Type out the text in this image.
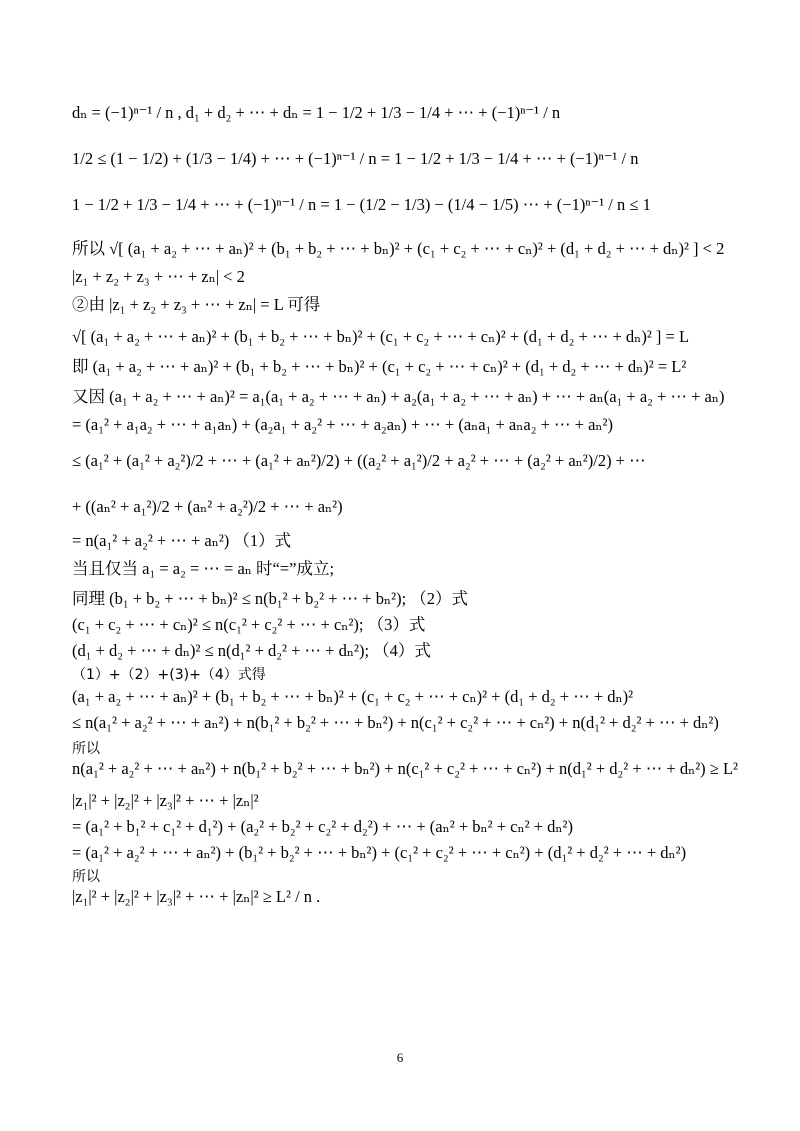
dₙ = (−1)ⁿ⁻¹ / n , d₁ + d₂ + ⋯ + dₙ = 1 − 1/2 + 1/3 − 1/4 + ⋯ + (−1)ⁿ⁻¹ / n
1/2 ≤ (1 − 1/2) + (1/3 − 1/4) + ⋯ + (−1)ⁿ⁻¹ / n = 1 − 1/2 + 1/3 − 1/4 + ⋯ + (−1)ⁿ⁻¹ / n
1 − 1/2 + 1/3 − 1/4 + ⋯ + (−1)ⁿ⁻¹ / n = 1 − (1/2 − 1/3) − (1/4 − 1/5) ⋯ + (−1)ⁿ⁻¹ / n ≤ 1
所以 √[ (a₁ + a₂ + ⋯ + aₙ)² + (b₁ + b₂ + ⋯ + bₙ)² + (c₁ + c₂ + ⋯ + cₙ)² + (d₁ + d₂ + ⋯ + dₙ)² ] < 2
|z₁ + z₂ + z₃ + ⋯ + zₙ| < 2
②由 |z₁ + z₂ + z₃ + ⋯ + zₙ| = L 可得
√[ (a₁ + a₂ + ⋯ + aₙ)² + (b₁ + b₂ + ⋯ + bₙ)² + (c₁ + c₂ + ⋯ + cₙ)² + (d₁ + d₂ + ⋯ + dₙ)² ] = L
即 (a₁ + a₂ + ⋯ + aₙ)² + (b₁ + b₂ + ⋯ + bₙ)² + (c₁ + c₂ + ⋯ + cₙ)² + (d₁ + d₂ + ⋯ + dₙ)² = L²
又因 (a₁ + a₂ + ⋯ + aₙ)² = a₁(a₁ + a₂ + ⋯ + aₙ) + a₂(a₁ + a₂ + ⋯ + aₙ) + ⋯ + aₙ(a₁ + a₂ + ⋯ + aₙ)
= (a₁² + a₁a₂ + ⋯ + a₁aₙ) + (a₂a₁ + a₂² + ⋯ + a₂aₙ) + ⋯ + (aₙa₁ + aₙa₂ + ⋯ + aₙ²)
≤ (a₁² + (a₁² + a₂²)/2 + ⋯ + (a₁² + aₙ²)/2) + ((a₂² + a₁²)/2 + a₂² + ⋯ + (a₂² + aₙ²)/2) + ⋯
+ ((aₙ² + a₁²)/2 + (aₙ² + a₂²)/2 + ⋯ + aₙ²)
= n(a₁² + a₂² + ⋯ + aₙ²) （1）式
当且仅当 a₁ = a₂ = ⋯ = aₙ 时“=”成立;
同理 (b₁ + b₂ + ⋯ + bₙ)² ≤ n(b₁² + b₂² + ⋯ + bₙ²); （2）式
(c₁ + c₂ + ⋯ + cₙ)² ≤ n(c₁² + c₂² + ⋯ + cₙ²); （3）式
(d₁ + d₂ + ⋯ + dₙ)² ≤ n(d₁² + d₂² + ⋯ + dₙ²); （4）式
（1）+（2）+(3)+（4）式得
(a₁ + a₂ + ⋯ + aₙ)² + (b₁ + b₂ + ⋯ + bₙ)² + (c₁ + c₂ + ⋯ + cₙ)² + (d₁ + d₂ + ⋯ + dₙ)²
≤ n(a₁² + a₂² + ⋯ + aₙ²) + n(b₁² + b₂² + ⋯ + bₙ²) + n(c₁² + c₂² + ⋯ + cₙ²) + n(d₁² + d₂² + ⋯ + dₙ²)
所以
n(a₁² + a₂² + ⋯ + aₙ²) + n(b₁² + b₂² + ⋯ + bₙ²) + n(c₁² + c₂² + ⋯ + cₙ²) + n(d₁² + d₂² + ⋯ + dₙ²) ≥ L²
|z₁|² + |z₂|² + |z₃|² + ⋯ + |zₙ|²
= (a₁² + b₁² + c₁² + d₁²) + (a₂² + b₂² + c₂² + d₂²) + ⋯ + (aₙ² + bₙ² + cₙ² + dₙ²)
= (a₁² + a₂² + ⋯ + aₙ²) + (b₁² + b₂² + ⋯ + bₙ²) + (c₁² + c₂² + ⋯ + cₙ²) + (d₁² + d₂² + ⋯ + dₙ²)
所以
|z₁|² + |z₂|² + |z₃|² + ⋯ + |zₙ|² ≥ L² / n .
6
